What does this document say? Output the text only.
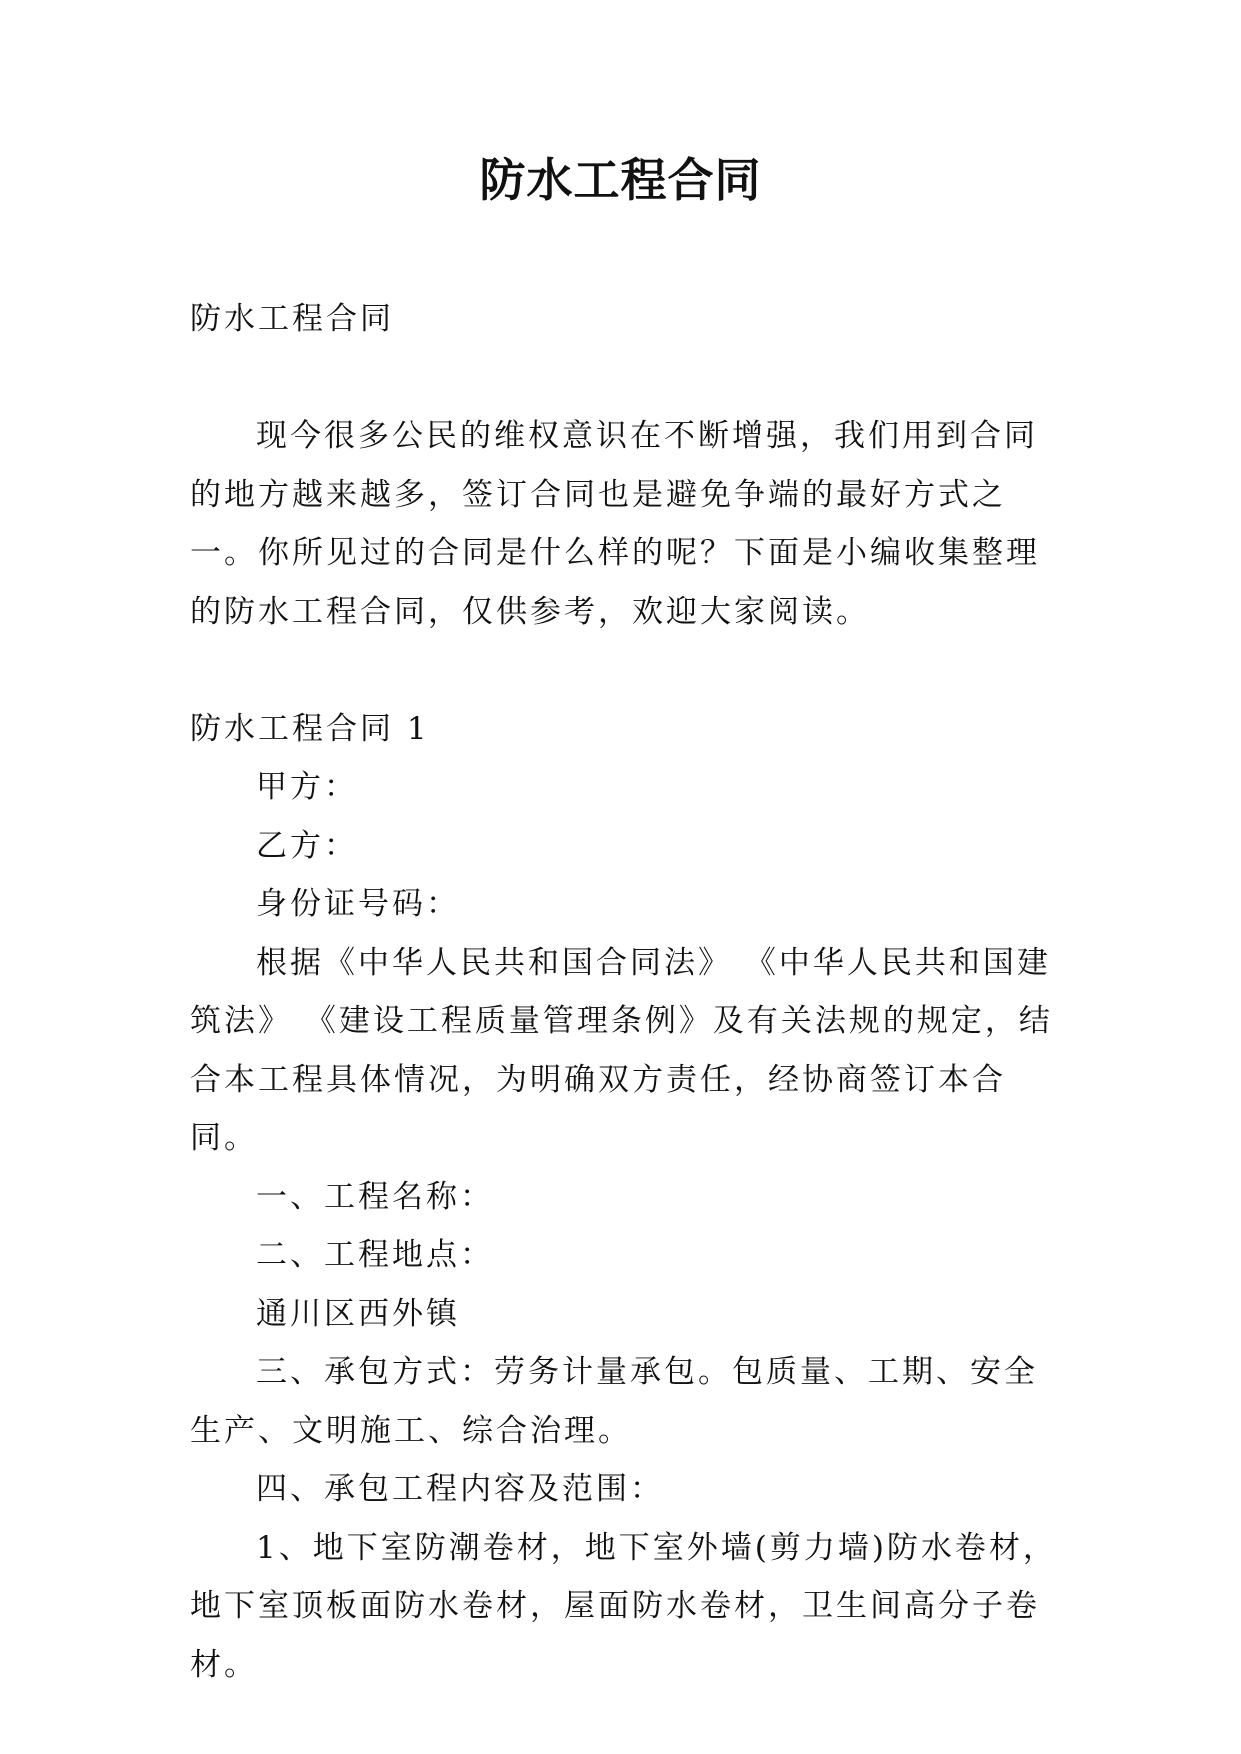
防水工程合同

防水工程合同

现今很多公民的维权意识在不断增强，我们用到合同的地方越来越多，签订合同也是避免争端的最好方式之一。你所见过的合同是什么样的呢？下面是小编收集整理的防水工程合同，仅供参考，欢迎大家阅读。

防水工程合同 1

甲方：

乙方：

身份证号码：

根据《中华人民共和国合同法》 《中华人民共和国建筑法》 《建设工程质量管理条例》及有关法规的规定，结合本工程具体情况，为明确双方责任，经协商签订本合同。

一、工程名称：

二、工程地点：

通川区西外镇

三、承包方式：劳务计量承包。包质量、工期、安全生产、文明施工、综合治理。

四、承包工程内容及范围：

1、地下室防潮卷材，地下室外墙(剪力墙)防水卷材，地下室顶板面防水卷材，屋面防水卷材，卫生间高分子卷材。
